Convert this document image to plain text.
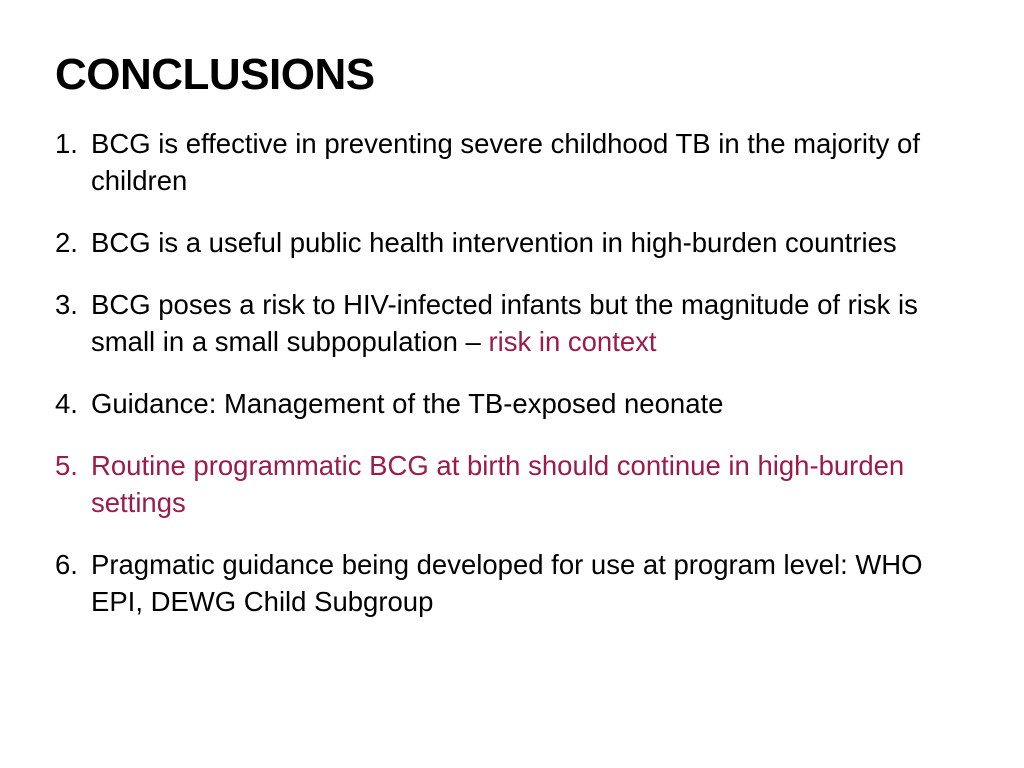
CONCLUSIONS
1. BCG is effective in preventing severe childhood TB in the majority of children
2. BCG is a useful public health intervention in high-burden countries
3. BCG poses a risk to HIV-infected infants but the magnitude of risk is small in a small subpopulation – risk in context
4. Guidance: Management of the TB-exposed neonate
5. Routine programmatic BCG at birth should continue in high-burden settings
6. Pragmatic guidance being developed for use at program level: WHO EPI, DEWG Child Subgroup
